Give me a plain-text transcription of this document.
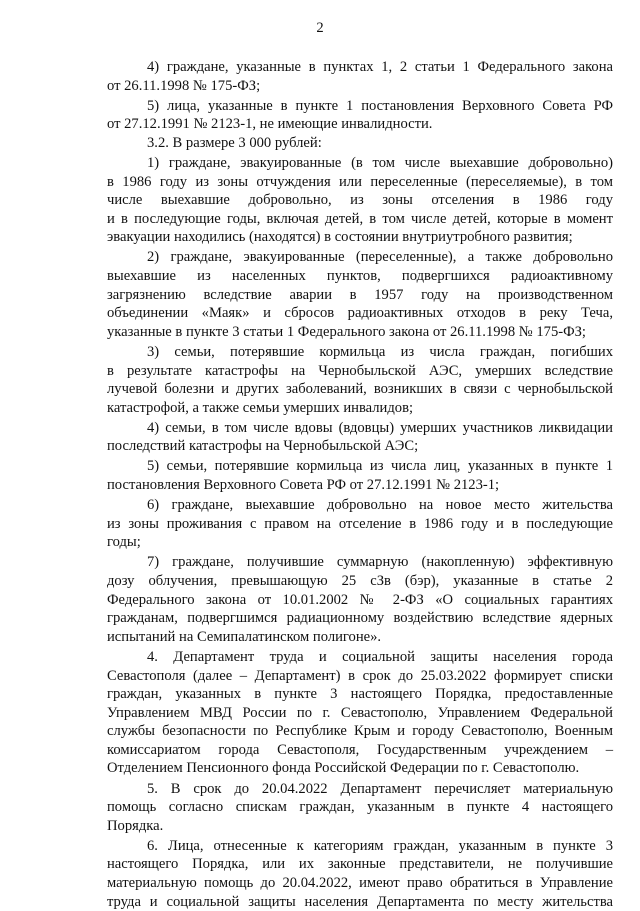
2
4) граждане, указанные в пунктах 1, 2 статьи 1 Федерального закона
от 26.11.1998 № 175-ФЗ;
5) лица, указанные в пункте 1 постановления Верховного Совета РФ
от 27.12.1991 № 2123-1, не имеющие инвалидности.
3.2. В размере 3 000 рублей:
1) граждане, эвакуированные (в том числе выехавшие добровольно)
в 1986 году из зоны отчуждения или переселенные (переселяемые), в том
числе выехавшие добровольно, из зоны отселения в 1986 году
и в последующие годы, включая детей, в том числе детей, которые в момент
эвакуации находились (находятся) в состоянии внутриутробного развития;
2) граждане, эвакуированные (переселенные), а также добровольно
выехавшие из населенных пунктов, подвергшихся радиоактивному
загрязнению вследствие аварии в 1957 году на производственном
объединении «Маяк» и сбросов радиоактивных отходов в реку Теча,
указанные в пункте 3 статьи 1 Федерального закона от 26.11.1998 № 175-ФЗ;
3) семьи, потерявшие кормильца из числа граждан, погибших
в результате катастрофы на Чернобыльской АЭС, умерших вследствие
лучевой болезни и других заболеваний, возникших в связи с чернобыльской
катастрофой, а также семьи умерших инвалидов;
4) семьи, в том числе вдовы (вдовцы) умерших участников ликвидации
последствий катастрофы на Чернобыльской АЭС;
5) семьи, потерявшие кормильца из числа лиц, указанных в пункте 1
постановления Верховного Совета РФ от 27.12.1991 № 2123-1;
6) граждане, выехавшие добровольно на новое место жительства
из зоны проживания с правом на отселение в 1986 году и в последующие
годы;
7) граждане, получившие суммарную (накопленную) эффективную
дозу облучения, превышающую 25 сЗв (бэр), указанные в статье 2
Федерального закона от 10.01.2002 № 2-ФЗ «О социальных гарантиях
гражданам, подвергшимся радиационному воздействию вследствие ядерных
испытаний на Семипалатинском полигоне».
4. Департамент труда и социальной защиты населения города
Севастополя (далее – Департамент) в срок до 25.03.2022 формирует списки
граждан, указанных в пункте 3 настоящего Порядка, предоставленные
Управлением МВД России по г. Севастополю, Управлением Федеральной
службы безопасности по Республике Крым и городу Севастополю, Военным
комиссариатом города Севастополя, Государственным учреждением –
Отделением Пенсионного фонда Российской Федерации по г. Севастополю.
5. В срок до 20.04.2022 Департамент перечисляет материальную
помощь согласно спискам граждан, указанным в пункте 4 настоящего
Порядка.
6. Лица, отнесенные к категориям граждан, указанным в пункте 3
настоящего Порядка, или их законные представители, не получившие
материальную помощь до 20.04.2022, имеют право обратиться в Управление
труда и социальной защиты населения Департамента по месту жительства
